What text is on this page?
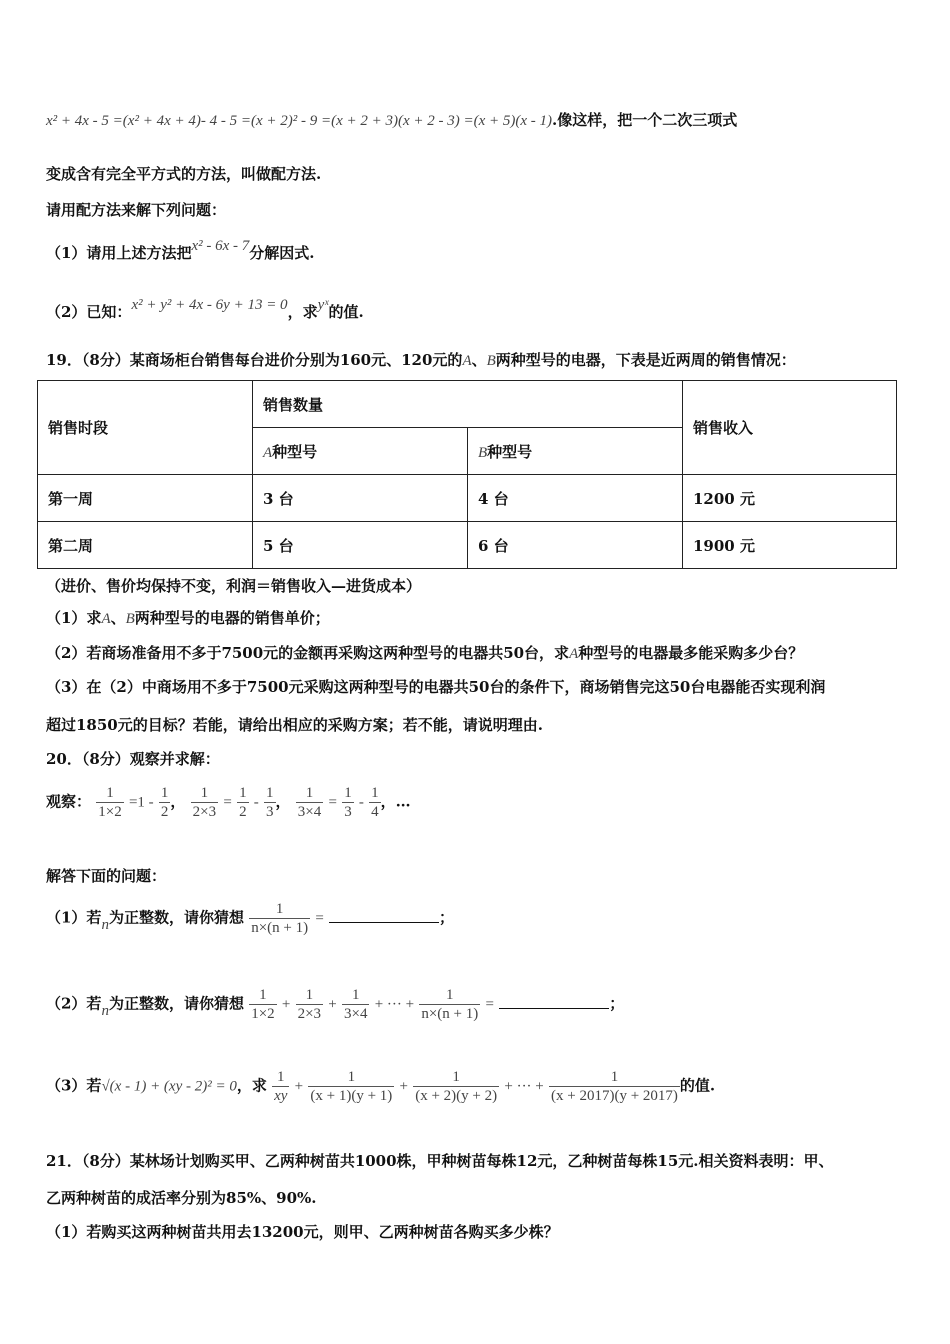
x² + 4x - 5 =(x² + 4x + 4)- 4 - 5 =(x + 2)² - 9 =(x + 2 + 3)(x + 2 - 3) =(x + 5)(x - 1).像这样，把一个二次三项式
变成含有完全平方式的方法，叫做配方法.
请用配方法来解下列问题：
（1）请用上述方法把x² - 6x - 7分解因式.
（2）已知：x² + y² + 4x - 6y + 13 = 0，求yˣ的值.
19．（8分）某商场柜台销售每台进价分别为160元、120元的A、B两种型号的电器，下表是近两周的销售情况：
销售时段	销售数量		销售收入
	A种型号	B种型号	
第一周	3 台	4 台	1200 元
第二周	5 台	6 台	1900 元
（进价、售价均保持不变，利润＝销售收入—进货成本）
（1）求A、B两种型号的电器的销售单价；
（2）若商场准备用不多于7500元的金额再采购这两种型号的电器共50台，求A种型号的电器最多能采购多少台？
（3）在（2）中商场用不多于7500元采购这两种型号的电器共50台的条件下，商场销售完这50台电器能否实现利润
超过1850元的目标？若能，请给出相应的采购方案；若不能，请说明理由.
20．（8分）观察并求解：
观察： $\frac{1}{1\times 2} =1 - \frac{1}{2}$ ， $\frac{1}{2\times 3} = \frac{1}{2} - \frac{1}{3}$ ， $\frac{1}{3\times 4} = \frac{1}{3} - \frac{1}{4}$ ，…
解答下面的问题：
（1）若n为正整数，请你猜想 $\frac{1}{n\times(n + 1)}$ =	；
（2）若n为正整数，请你猜想 $\frac{1}{1\times 2} + \frac{1}{2\times 3} + \frac{1}{3\times 4}$ + ··· + $\frac{1}{n\times(n + 1)}$ =	；
（3）若√(x - 1) + (xy - 2)² = 0，求 $\frac{1}{xy} + \frac{1}{(x + 1)(y + 1)} + \frac{1}{(x + 2)(y + 2)}$ + ··· + $\frac{1}{(x + 2017)(y + 2017)}$ 的值.
21．（8分）某林场计划购买甲、乙两种树苗共1000株，甲种树苗每株12元，乙种树苗每株15元.相关资料表明：甲、
乙两种树苗的成活率分别为85%、90%.
（1）若购买这两种树苗共用去13200元，则甲、乙两种树苗各购买多少株？
